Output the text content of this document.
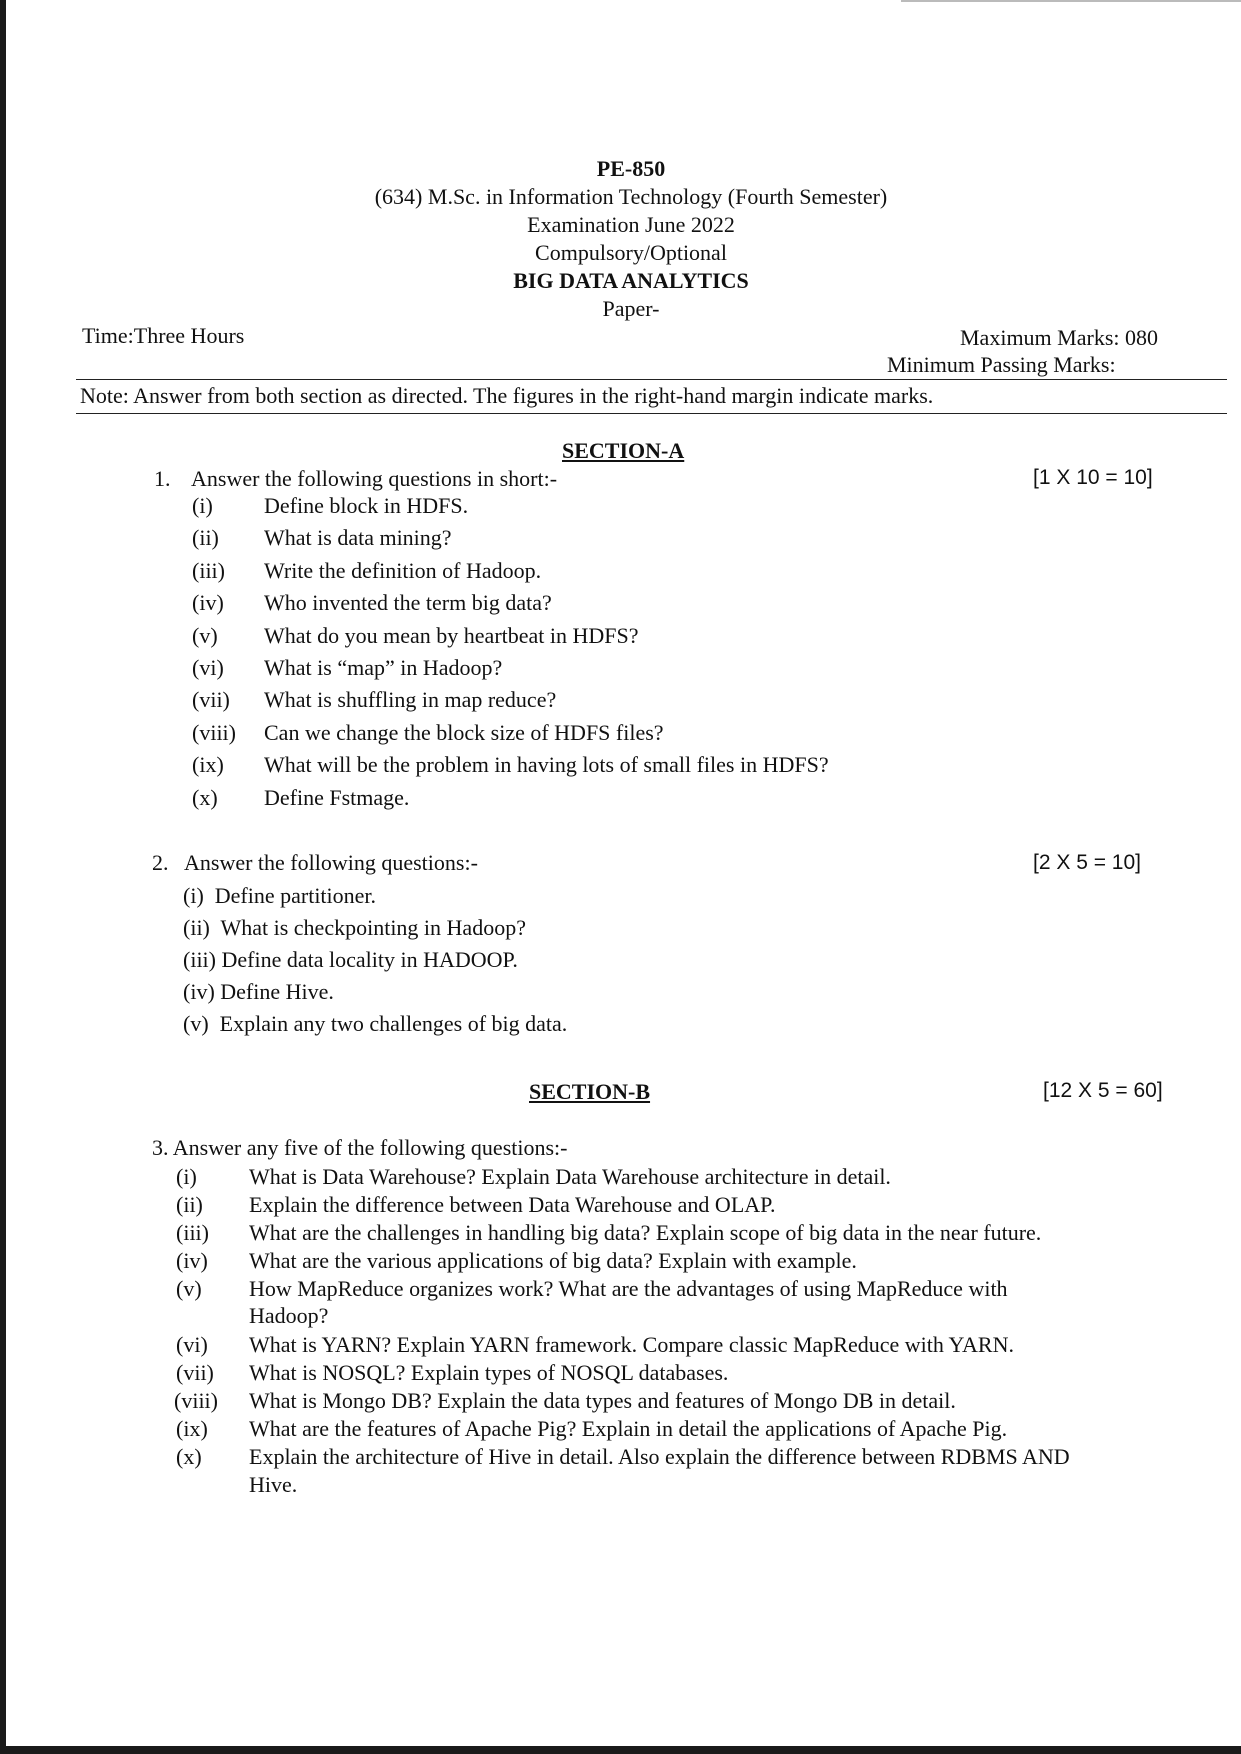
PE-850
(634) M.Sc. in Information Technology (Fourth Semester)
Examination June 2022
Compulsory/Optional
BIG DATA ANALYTICS
Paper-
Time:Three Hours	Maximum Marks: 080
Minimum Passing Marks:
Note: Answer from both section as directed. The figures in the right-hand margin indicate marks.
SECTION-A
1. Answer the following questions in short:-	[1 X 10 = 10]
(i) Define block in HDFS.
(ii) What is data mining?
(iii) Write the definition of Hadoop.
(iv) Who invented the term big data?
(v) What do you mean by heartbeat in HDFS?
(vi) What is “map” in Hadoop?
(vii) What is shuffling in map reduce?
(viii) Can we change the block size of HDFS files?
(ix) What will be the problem in having lots of small files in HDFS?
(x) Define Fstmage.
2. Answer the following questions:-	[2 X 5 = 10]
(i)  Define partitioner.
(ii)  What is checkpointing in Hadoop?
(iii) Define data locality in HADOOP.
(iv) Define Hive.
(v)  Explain any two challenges of big data.
SECTION-B	[12 X 5 = 60]
3. Answer any five of the following questions:-
(i) What is Data Warehouse? Explain Data Warehouse architecture in detail.
(ii) Explain the difference between Data Warehouse and OLAP.
(iii) What are the challenges in handling big data? Explain scope of big data in the near future.
(iv) What are the various applications of big data? Explain with example.
(v) How MapReduce organizes work? What are the advantages of using MapReduce with
Hadoop?
(vi) What is YARN? Explain YARN framework. Compare classic MapReduce with YARN.
(vii) What is NOSQL? Explain types of NOSQL databases.
(viii) What is Mongo DB? Explain the data types and features of Mongo DB in detail.
(ix) What are the features of Apache Pig? Explain in detail the applications of Apache Pig.
(x) Explain the architecture of Hive in detail. Also explain the difference between RDBMS AND
Hive.
